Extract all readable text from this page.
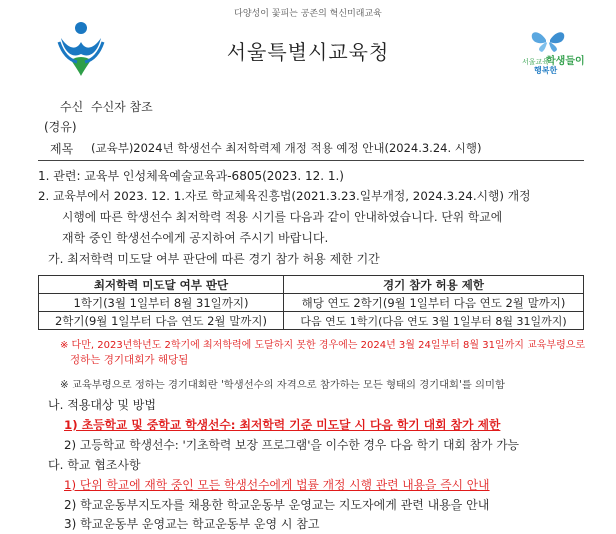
다양성이 꽃피는 공존의 혁신미래교육
서울특별시교육청	서울교육
학생들이
행복한
수신 수신자 참조
(경유)
제목 (교육부)2024년 학생선수 최저학력제 개정 적용 예정 안내(2024.3.24. 시행)
1. 관련: 교육부 인성체육예술교육과-6805(2023. 12. 1.)
2. 교육부에서 2023. 12. 1.자로 학교체육진흥법(2021.3.23.일부개정, 2024.3.24.시행) 개정
시행에 따른 학생선수 최저학력 적용 시기를 다음과 같이 안내하였습니다. 단위 학교에
재학 중인 학생선수에게 공지하여 주시기 바랍니다.
가. 최저학력 미도달 여부 판단에 따른 경기 참가 허용 제한 기간
최저학력 미도달 여부 판단	경기 참가 허용 제한
1학기(3월 1일부터 8월 31일까지)	해당 연도 2학기(9월 1일부터 다음 연도 2월 말까지)
2학기(9월 1일부터 다음 연도 2월 말까지)	다음 연도 1학기(다음 연도 3월 1일부터 8월 31일까지)
※ 다만, 2023년학년도 2학기에 최저학력에 도달하지 못한 경우에는 2024년 3월 24일부터 8월 31일까지 교육부령으로
정하는 경기대회가 해당됨
※ 교육부령으로 정하는 경기대회란 '학생선수의 자격으로 참가하는 모든 형태의 경기대회'를 의미함
나. 적용대상 및 방법
1) 초등학교 및 중학교 학생선수: 최저학력 기준 미도달 시 다음 학기 대회 참가 제한
2) 고등학교 학생선수: '기초학력 보장 프로그램'을 이수한 경우 다음 학기 대회 참가 가능
다. 학교 협조사항
1) 단위 학교에 재학 중인 모든 학생선수에게 법률 개정 시행 관련 내용을 즉시 안내
2) 학교운동부지도자를 채용한 학교운동부 운영교는 지도자에게 관련 내용을 안내
3) 학교운동부 운영교는 학교운동부 운영 시 참고
